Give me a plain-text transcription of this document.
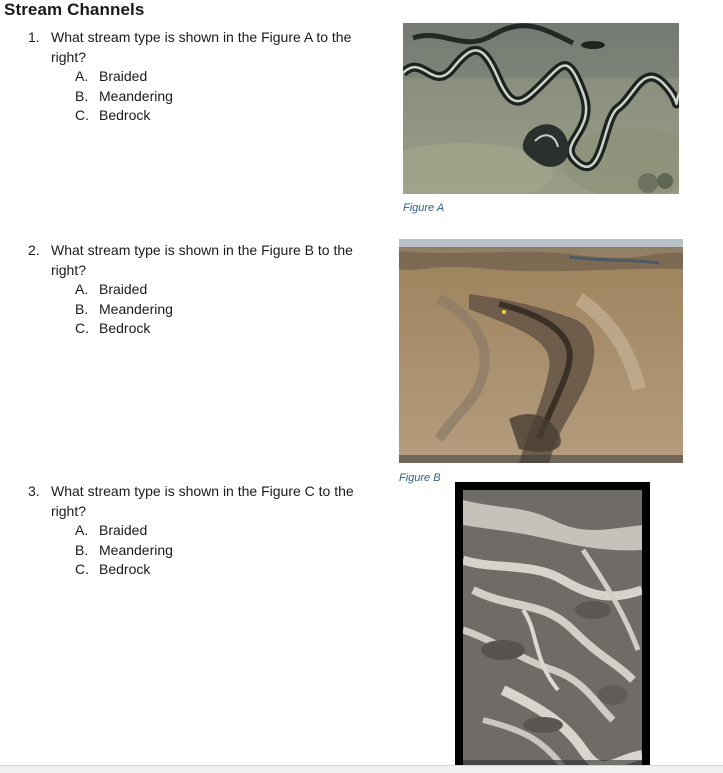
Stream Channels
1. What stream type is shown in the Figure A to the right?
A. Braided
B. Meandering
C. Bedrock
2. What stream type is shown in the Figure B to the right?
A. Braided
B. Meandering
C. Bedrock
3. What stream type is shown in the Figure C to the right?
A. Braided
B. Meandering
C. Bedrock
Figure A
Figure B
